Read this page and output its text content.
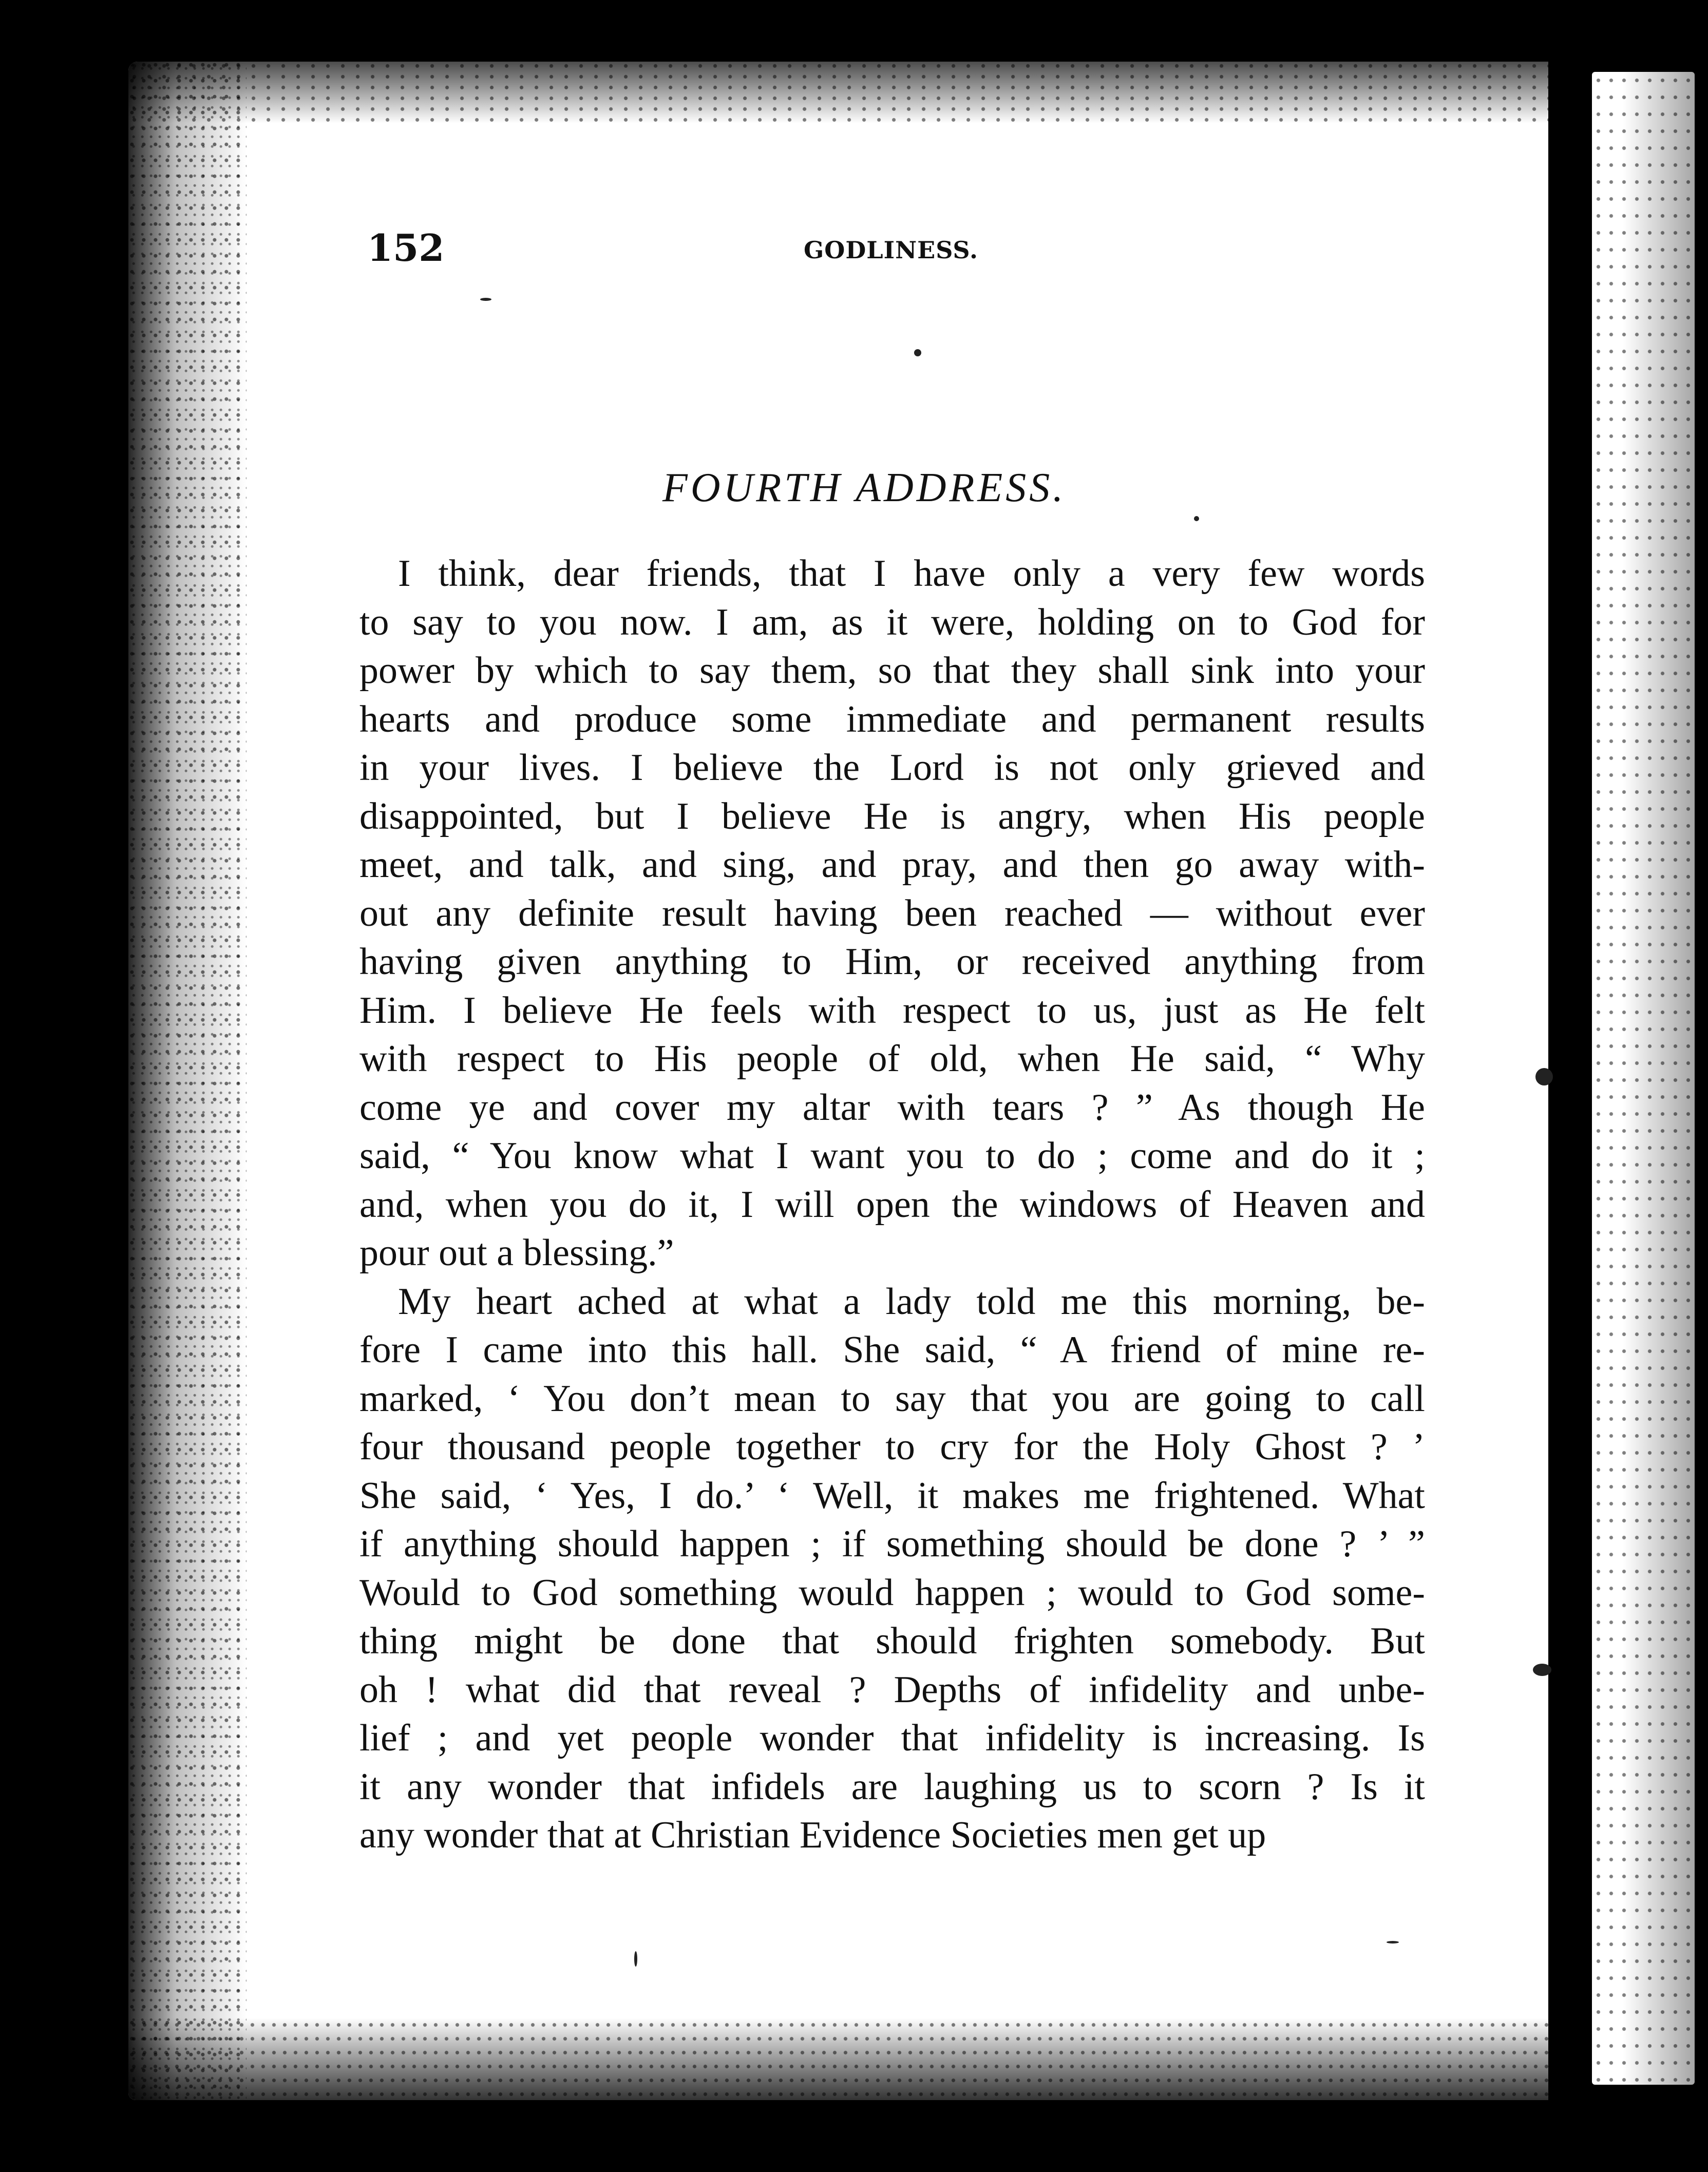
152	GODLINESS.
FOURTH ADDRESS.
I think, dear friends, that I have only a very few words
to say to you now. I am, as it were, holding on to God for
power by which to say them, so that they shall sink into your
hearts and produce some immediate and permanent results
in your lives. I believe the Lord is not only grieved and
disappointed, but I believe He is angry, when His people
meet, and talk, and sing, and pray, and then go away with-
out any definite result having been reached — without ever
having given anything to Him, or received anything from
Him. I believe He feels with respect to us, just as He felt
with respect to His people of old, when He said, “ Why
come ye and cover my altar with tears ? ” As though He
said, “ You know what I want you to do ; come and do it ;
and, when you do it, I will open the windows of Heaven and
pour out a blessing.”
My heart ached at what a lady told me this morning, be-
fore I came into this hall. She said, “ A friend of mine re-
marked, ‘ You don’t mean to say that you are going to call
four thousand people together to cry for the Holy Ghost ? ’
She said, ‘ Yes, I do.’ ‘ Well, it makes me frightened. What
if anything should happen ; if something should be done ? ’ ”
Would to God something would happen ; would to God some-
thing might be done that should frighten somebody. But
oh ! what did that reveal ? Depths of infidelity and unbe-
lief ; and yet people wonder that infidelity is increasing. Is
it any wonder that infidels are laughing us to scorn ? Is it
any wonder that at Christian Evidence Societies men get up
